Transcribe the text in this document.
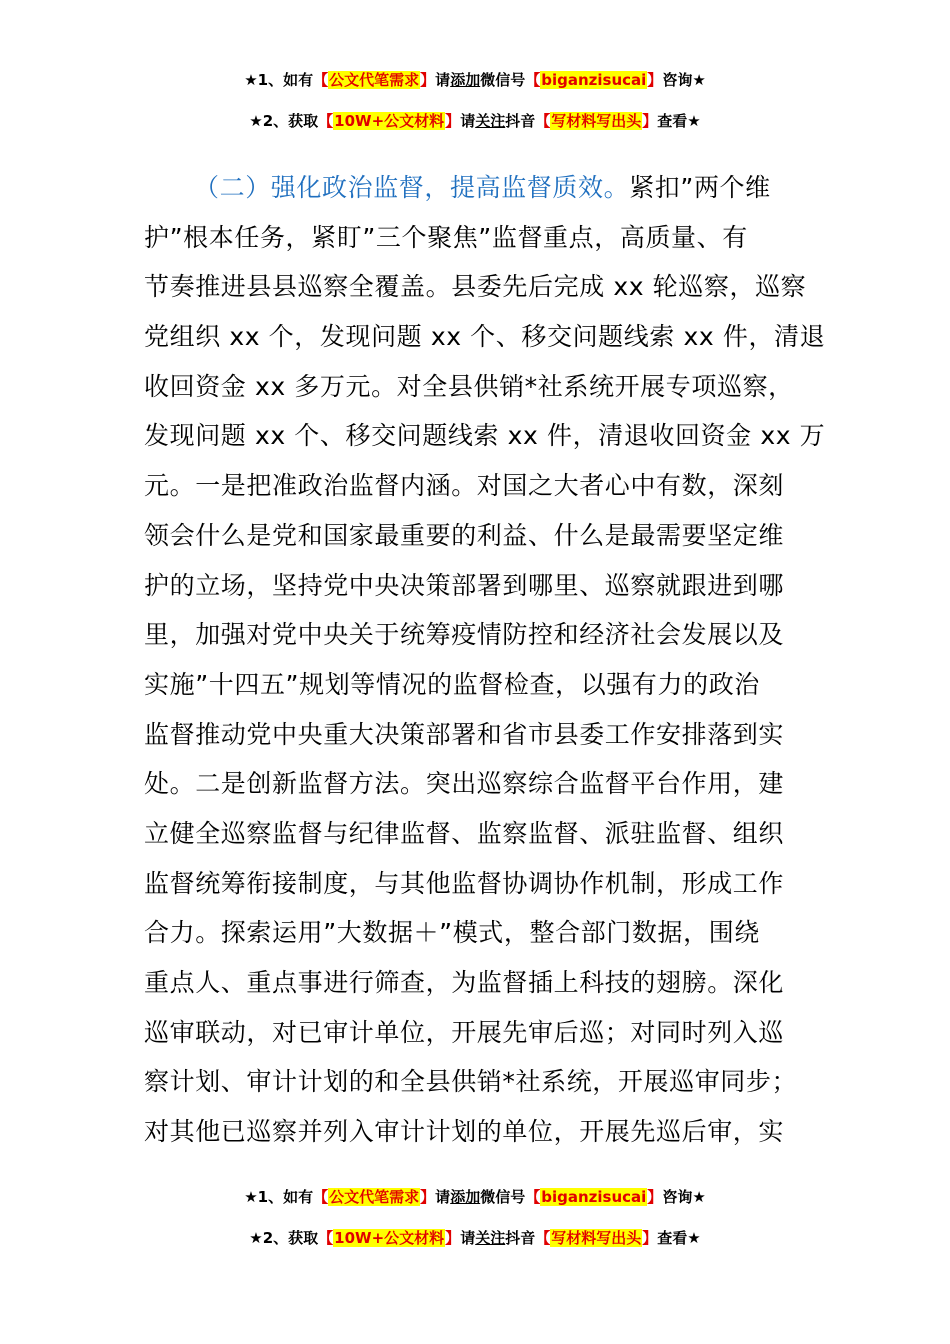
★1、如有【公文代笔需求】请添加微信号【biganzisucai】咨询★
★2、获取【10W+公文材料】请关注抖音【写材料写出头】查看★
（二）强化政治监督，提高监督质效。紧扣”两个维
护”根本任务，紧盯”三个聚焦”监督重点，高质量、有
节奏推进县县巡察全覆盖。县委先后完成 xx 轮巡察，巡察
党组织 xx 个，发现问题 xx 个、移交问题线索 xx 件，清退
收回资金 xx 多万元。对全县供销*社系统开展专项巡察，
发现问题 xx 个、移交问题线索 xx 件，清退收回资金 xx 万
元。一是把准政治监督内涵。对国之大者心中有数，深刻
领会什么是党和国家最重要的利益、什么是最需要坚定维
护的立场，坚持党中央决策部署到哪里、巡察就跟进到哪
里，加强对党中央关于统筹疫情防控和经济社会发展以及
实施”十四五”规划等情况的监督检查，以强有力的政治
监督推动党中央重大决策部署和省市县委工作安排落到实
处。二是创新监督方法。突出巡察综合监督平台作用，建
立健全巡察监督与纪律监督、监察监督、派驻监督、组织
监督统筹衔接制度，与其他监督协调协作机制，形成工作
合力。探索运用”大数据＋”模式，整合部门数据，围绕
重点人、重点事进行筛查，为监督插上科技的翅膀。深化
巡审联动，对已审计单位，开展先审后巡；对同时列入巡
察计划、审计计划的和全县供销*社系统，开展巡审同步；
对其他已巡察并列入审计计划的单位，开展先巡后审，实
★1、如有【公文代笔需求】请添加微信号【biganzisucai】咨询★
★2、获取【10W+公文材料】请关注抖音【写材料写出头】查看★
